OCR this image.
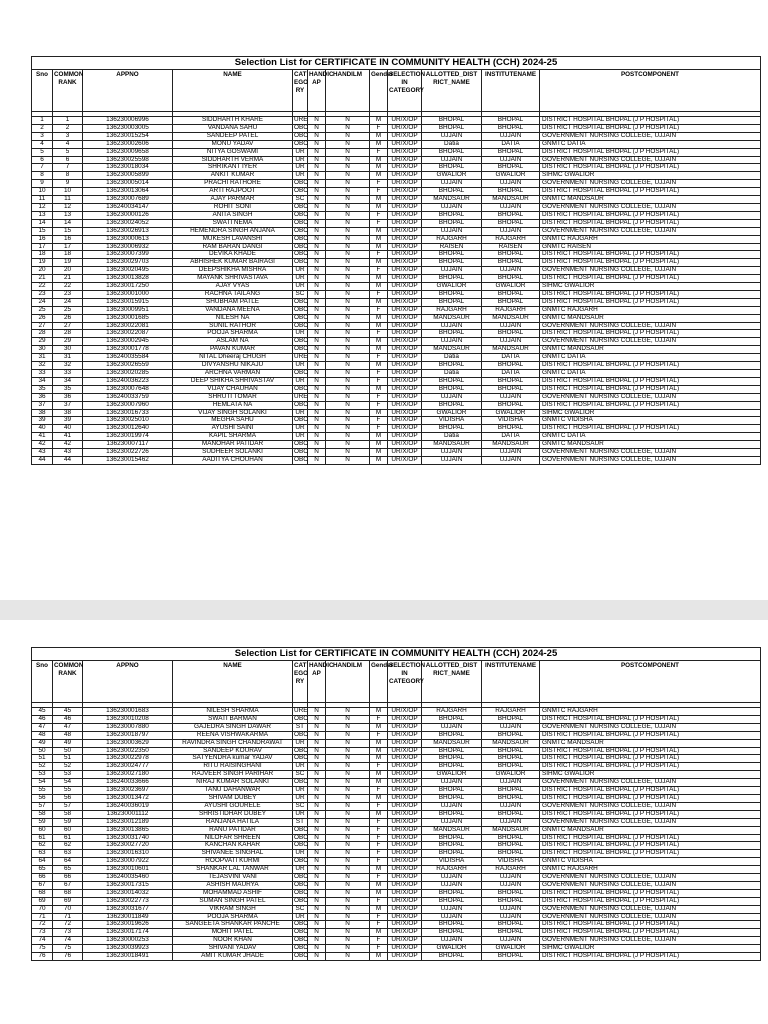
Selection List for CERTIFICATE IN COMMUNITY HEALTH (CCH) 2024-25											
Sno	COMMON RANK	APPNO	NAME	CAT EGO RY	HANDIC AP	HANDILM	Gender	SELECTION IN CATEGORY	ALLOTTED_DIST RICT_NAME	INSTITUTENAME	POSTCOMPONENT

1	1	136230006996	SIDDHARTH KHARE	URE	N	N	M	UR/X/OP	BHOPAL	BHOPAL	DISTRICT HOSPITAL BHOPAL (J P HOSPITAL)
2	2	136230003005	VANDANA SAHU	OBC	N	N	F	UR/X/OP	BHOPAL	BHOPAL	DISTRICT HOSPITAL BHOPAL (J P HOSPITAL)
3	3	136230015254	SANDEEP PATEL	OBC	N	N	M	UR/X/OP	UJJAIN	UJJAIN	GOVERNMENT NURSING COLLEGE, UJJAIN
4	4	136230002606	MONU YADAV	OBC	N	N	M	UR/X/OP	Datia	DATIA	GNMTC DATIA
5	5	136230009658	NITYA GOSWAMI	UR	N	N	F	UR/X/OP	BHOPAL	BHOPAL	DISTRICT HOSPITAL BHOPAL (J P HOSPITAL)
6	6	136230025598	SIDDHARTH VERMA	UR	N	N	M	UR/X/OP	UJJAIN	UJJAIN	GOVERNMENT NURSING COLLEGE, UJJAIN
7	7	136230018034	SHRIKANT IYER	UR	N	N	M	UR/X/OP	BHOPAL	BHOPAL	DISTRICT HOSPITAL BHOPAL (J P HOSPITAL)
8	8	136230005899	ANKIT KUMAR	UR	N	N	M	UR/X/OP	GWALIOR	GWALIOR	SIHMC GWALIOR
9	9	136230005014	PRACHI RATHORE	OBC	N	N	F	UR/X/OP	UJJAIN	UJJAIN	GOVERNMENT NURSING COLLEGE, UJJAIN
10	10	136230013064	ARTI RAJPOOT	OBC	N	N	F	UR/X/OP	BHOPAL	BHOPAL	DISTRICT HOSPITAL BHOPAL (J P HOSPITAL)
11	11	136230007689	AJAY PARMAR	SC	N	N	M	UR/X/OP	MANDSAUR	MANDSAUR	GNMTC MANDSAUR
12	12	136240034147	ROHIT SONI	OBC	N	N	M	UR/X/OP	UJJAIN	UJJAIN	GOVERNMENT NURSING COLLEGE, UJJAIN
13	13	136230000126	ANITA SINGH	OBC	N	N	F	UR/X/OP	BHOPAL	BHOPAL	DISTRICT HOSPITAL BHOPAL (J P HOSPITAL)
14	14	136230024052	SWATI NEMA	OBC	N	N	F	UR/X/OP	BHOPAL	BHOPAL	DISTRICT HOSPITAL BHOPAL (J P HOSPITAL)
15	15	136230026913	HEMENDRA SINGH ANJANA	OBC	N	N	M	UR/X/OP	UJJAIN	UJJAIN	GOVERNMENT NURSING COLLEGE, UJJAIN
16	16	136230000613	MUKESH LAVANSHI	OBC	N	N	M	UR/X/OP	RAJGARH	RAJGARH	GNMTC RAJGARH
17	17	136230006932	RAM BARAN DANGI	OBC	N	N	M	UR/X/OP	RAISEN	RAISEN	GNMTC RAISEN
18	18	136230007399	DEVIKA KHADE	OBC	N	N	F	UR/X/OP	BHOPAL	BHOPAL	DISTRICT HOSPITAL BHOPAL (J P HOSPITAL)
19	19	136230029703	ABHISHEK KUMAR BAIRAGI	OBC	N	N	M	UR/X/OP	BHOPAL	BHOPAL	DISTRICT HOSPITAL BHOPAL (J P HOSPITAL)
20	20	136230020495	DEEPSHIKHA MISHRA	UR	N	N	F	UR/X/OP	UJJAIN	UJJAIN	GOVERNMENT NURSING COLLEGE, UJJAIN
21	21	136230013828	MAYANK SHRIVASTAVA	UR	N	N	M	UR/X/OP	BHOPAL	BHOPAL	DISTRICT HOSPITAL BHOPAL (J P HOSPITAL)
22	22	136230017250	AJAY VYAS	UR	N	N	M	UR/X/OP	GWALIOR	GWALIOR	SIHMC GWALIOR
23	23	136230001000	RACHNA TAILANG	SC	N	N	F	UR/X/OP	BHOPAL	BHOPAL	DISTRICT HOSPITAL BHOPAL (J P HOSPITAL)
24	24	136230015915	SHUBHAM PATLE	OBC	N	N	M	UR/X/OP	BHOPAL	BHOPAL	DISTRICT HOSPITAL BHOPAL (J P HOSPITAL)
25	25	136230009951	VANDANA MEENA	OBC	N	N	F	UR/X/OP	RAJGARH	RAJGARH	GNMTC RAJGARH
26	26	136230001685	NILESH NA	OBC	N	N	M	UR/X/OP	MANDSAUR	MANDSAUR	GNMTC MANDSAUR
27	27	136230022081	SUNIL RATHOR	OBC	N	N	M	UR/X/OP	UJJAIN	UJJAIN	GOVERNMENT NURSING COLLEGE, UJJAIN
28	28	136230022087	POOJA SHARMA	UR	N	N	F	UR/X/OP	BHOPAL	BHOPAL	DISTRICT HOSPITAL BHOPAL (J P HOSPITAL)
29	29	136230002945	ASLAM NA	OBC	N	N	M	UR/X/OP	UJJAIN	UJJAIN	GOVERNMENT NURSING COLLEGE, UJJAIN
30	30	136230001778	PAVAN KUMAR	OBC	N	N	M	UR/X/OP	MANDSAUR	MANDSAUR	GNMTC MANDSAUR
31	31	136240035584	NITAL Dheeraj CHUGH	URE	N	N	F	UR/X/OP	Datia	DATIA	GNMTC DATIA
32	32	136230026559	DIVYANSHU NIKAJU	UR	N	N	M	UR/X/OP	BHOPAL	BHOPAL	DISTRICT HOSPITAL BHOPAL (J P HOSPITAL)
33	33	136230020285	ARCHNA VARMAN	OBC	N	N	F	UR/X/OP	Datia	DATIA	GNMTC DATIA
34	34	136240036223	DEEP SHIKHA SHRIVASTAV	UR	N	N	F	UR/X/OP	BHOPAL	BHOPAL	DISTRICT HOSPITAL BHOPAL (J P HOSPITAL)
35	35	136230007648	VIJAY CHAUHAN	OBC	N	N	M	UR/X/OP	BHOPAL	BHOPAL	DISTRICT HOSPITAL BHOPAL (J P HOSPITAL)
36	36	136240033759	SHRUTI TOMAR	URE	N	N	F	UR/X/OP	UJJAIN	UJJAIN	GOVERNMENT NURSING COLLEGE, UJJAIN
37	37	136230007960	HEMLATA NA	OBC	N	N	F	UR/X/OP	BHOPAL	BHOPAL	DISTRICT HOSPITAL BHOPAL (J P HOSPITAL)
38	38	136230016733	VIJAY SINGH SOLANKI	UR	N	N	M	UR/X/OP	GWALIOR	GWALIOR	SIHMC GWALIOR
39	39	136230025010	MEGHA SAHU	OBC	N	N	F	UR/X/OP	VIDISHA	VIDISHA	GNMTC VIDISHA
40	40	136230012640	AYUSHI SAINI	UR	N	N	F	UR/X/OP	BHOPAL	BHOPAL	DISTRICT HOSPITAL BHOPAL (J P HOSPITAL)
41	41	136230019974	KAPIL SHARMA	UR	N	N	M	UR/X/OP	Datia	DATIA	GNMTC DATIA
42	42	136230007117	MANOHAR PATIDAR	OBC	N	N	M	UR/X/OP	MANDSAUR	MANDSAUR	GNMTC MANDSAUR
43	43	136230022726	SUDHEER SOLANKI	OBC	N	N	M	UR/X/OP	UJJAIN	UJJAIN	GOVERNMENT NURSING COLLEGE, UJJAIN
44	44	136230015462	AADITYA CHOUHAN	OBC	N	N	M	UR/X/OP	UJJAIN	UJJAIN	GOVERNMENT NURSING COLLEGE, UJJAIN
Selection List for CERTIFICATE IN COMMUNITY HEALTH (CCH) 2024-25											
Sno	COMMON RANK	APPNO	NAME	CAT EGO RY	HANDIC AP	HANDILM	Gender	SELECTION IN CATEGORY	ALLOTTED_DIST RICT_NAME	INSTITUTENAME	POSTCOMPONENT

45	45	136230001683	NILESH SHARMA	URE	N	N	M	UR/X/OP	RAJGARH	RAJGARH	GNMTC RAJGARH
46	46	136230010208	SWATI BARMAN	OBC	N	N	F	UR/X/OP	BHOPAL	BHOPAL	DISTRICT HOSPITAL BHOPAL (J P HOSPITAL)
47	47	136230007880	GAJEDRA SINGH DAWAR	ST	N	N	M	UR/X/OP	UJJAIN	UJJAIN	GOVERNMENT NURSING COLLEGE, UJJAIN
48	48	136230018797	REENA VISHWAKARMA	OBC	N	N	F	UR/X/OP	BHOPAL	BHOPAL	DISTRICT HOSPITAL BHOPAL (J P HOSPITAL)
49	49	136230003629	RAVINDRA SINGH CHANDRAWAT	UR	N	N	M	UR/X/OP	MANDSAUR	MANDSAUR	GNMTC MANDSAUR
50	50	136230022350	SANDEEP KOURAV	OBC	N	N	M	UR/X/OP	BHOPAL	BHOPAL	DISTRICT HOSPITAL BHOPAL (J P HOSPITAL)
51	51	136230022978	SATYENDRA kumar YADAV	OBC	N	N	M	UR/X/OP	BHOPAL	BHOPAL	DISTRICT HOSPITAL BHOPAL (J P HOSPITAL)
52	52	136230024777	RITU RAISINGHANI	UR	N	N	F	UR/X/OP	BHOPAL	BHOPAL	DISTRICT HOSPITAL BHOPAL (J P HOSPITAL)
53	53	136230027180	RAJVEER SINGH PARIHAR	SC	N	N	M	UR/X/OP	GWALIOR	GWALIOR	SIHMC GWALIOR
54	54	136240033666	NIRAJ KUMAR SOLANKI	OBC	N	N	M	UR/X/OP	UJJAIN	UJJAIN	GOVERNMENT NURSING COLLEGE, UJJAIN
55	55	136230023697	TANU DAHANWAR	UR	N	N	F	UR/X/OP	BHOPAL	BHOPAL	DISTRICT HOSPITAL BHOPAL (J P HOSPITAL)
56	56	136230013472	SHIVAM DUBEY	UR	N	N	M	UR/X/OP	BHOPAL	BHOPAL	DISTRICT HOSPITAL BHOPAL (J P HOSPITAL)
57	57	136240036019	AYUSHI GOURELE	SC	N	N	F	UR/X/OP	UJJAIN	UJJAIN	GOVERNMENT NURSING COLLEGE, UJJAIN
58	58	136230001112	SHRISTIDHAR DUBEY	UR	N	N	M	UR/X/OP	BHOPAL	BHOPAL	DISTRICT HOSPITAL BHOPAL (J P HOSPITAL)
59	59	136230012189	RANJANA HATILA	ST	N	N	F	UR/X/OP	UJJAIN	UJJAIN	GOVERNMENT NURSING COLLEGE, UJJAIN
60	60	136230013865	RANU PATIDAR	OBC	N	N	F	UR/X/OP	MANDSAUR	MANDSAUR	GNMTC MANDSAUR
61	61	136230031740	NILOFAR SHREEN	OBC	N	N	F	UR/X/OP	BHOPAL	BHOPAL	DISTRICT HOSPITAL BHOPAL (J P HOSPITAL)
62	62	136230027720	KANCHAN KAHAR	OBC	N	N	F	UR/X/OP	BHOPAL	BHOPAL	DISTRICT HOSPITAL BHOPAL (J P HOSPITAL)
63	63	136230016310	SHIVANEE SINGHAL	UR	N	N	F	UR/X/OP	BHOPAL	BHOPAL	DISTRICT HOSPITAL BHOPAL (J P HOSPITAL)
64	64	136230007922	ROOPVATI KURMI	OBC	N	N	F	UR/X/OP	VIDISHA	VIDISHA	GNMTC VIDISHA
65	65	136230010601	SHANKAR LAL TANWAR	UR	N	N	M	UR/X/OP	RAJGARH	RAJGARH	GNMTC RAJGARH
66	66	136240035460	TEJASVINI VANI	OBC	N	N	F	UR/X/OP	UJJAIN	UJJAIN	GOVERNMENT NURSING COLLEGE, UJJAIN
67	67	136230017315	ASHISH MAURYA	OBC	N	N	M	UR/X/OP	UJJAIN	UJJAIN	GOVERNMENT NURSING COLLEGE, UJJAIN
68	68	136230014032	MOHAMMAD ASHIF	OBC	N	N	M	UR/X/OP	BHOPAL	BHOPAL	DISTRICT HOSPITAL BHOPAL (J P HOSPITAL)
69	69	136230022773	SUMAN SINGH PATEL	OBC	N	N	F	UR/X/OP	BHOPAL	BHOPAL	DISTRICT HOSPITAL BHOPAL (J P HOSPITAL)
70	70	136230031677	VIKRAM SINGH	SC	N	N	M	UR/X/OP	UJJAIN	UJJAIN	GOVERNMENT NURSING COLLEGE, UJJAIN
71	71	136230011849	POOJA SHARMA	UR	N	N	F	UR/X/OP	UJJAIN	UJJAIN	GOVERNMENT NURSING COLLEGE, UJJAIN
72	72	136230019626	SANGEETA SHANKAR PANCHE	OBC	N	N	F	UR/X/OP	BHOPAL	BHOPAL	DISTRICT HOSPITAL BHOPAL (J P HOSPITAL)
73	73	136230017174	MOHIT PATEL	OBC	N	N	M	UR/X/OP	BHOPAL	BHOPAL	DISTRICT HOSPITAL BHOPAL (J P HOSPITAL)
74	74	136230000253	NOOR KHAN	OBC	N	N	F	UR/X/OP	UJJAIN	UJJAIN	GOVERNMENT NURSING COLLEGE, UJJAIN
75	75	136230039923	SHIVANI YADAV	OBC	N	N	F	UR/X/OP	GWALIOR	GWALIOR	SIHMC GWALIOR
76	76	136230018491	AMIT KUMAR JHADE	OBC	N	N	M	UR/X/OP	BHOPAL	BHOPAL	DISTRICT HOSPITAL BHOPAL (J P HOSPITAL)
